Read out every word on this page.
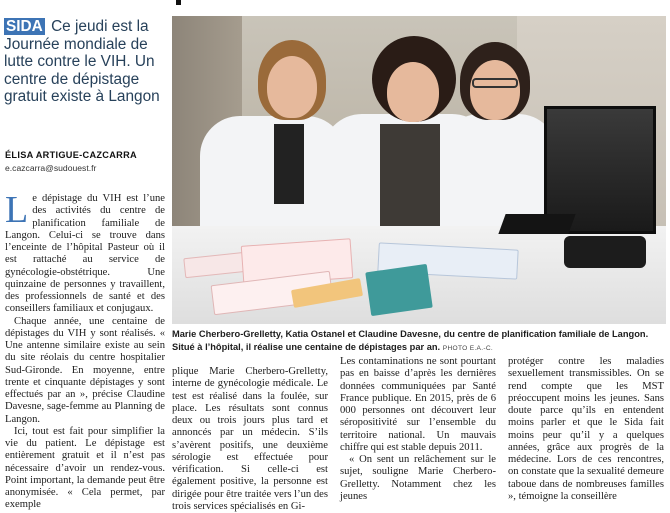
SIDA Ce jeudi est la Journée mondiale de lutte contre le VIH. Un centre de dépistage gratuit existe à Langon
ÉLISA ARTIGUE-CAZCARRA
e.cazcarra@sudouest.fr

Le dépistage du VIH est l’une des activités du centre de planification familiale de Langon. Celui-ci se trouve dans l’enceinte de l’hôpital Pasteur où il est rattaché au service de gynécologie-obstétrique. Une quinzaine de personnes y travaillent, des professionnels de santé et des conseillers familiaux et conjugaux.

Chaque année, une centaine de dépistages du VIH y sont réalisés. « Une antenne similaire existe au sein du site réolais du centre hospitalier Sud-Gironde. En moyenne, entre trente et cinquante dépistages y sont effectués par an », précise Claudine Davesne, sage-femme au Planning de Langon.

Ici, tout est fait pour simplifier la vie du patient. Le dépistage est entièrement gratuit et il n’est pas nécessaire d’avoir un rendez-vous. Point important, la demande peut être anonymisée. « Cela permet, par exemple

Marie Cherbero-Grelletty, Katia Ostanel et Claudine Davesne, du centre de planification familiale de Langon. Situé à l’hôpital, il réalise une centaine de dépistages par an. PHOTO E.A.-C.

plique Marie Cherbero-Grelletty, interne de gynécologie médicale. Le test est réalisé dans la foulée, sur place. Les résultats sont connus deux ou trois jours plus tard et annoncés par un médecin. S’ils s’avèrent positifs, une deuxième sérologie est effectuée pour vérification. Si celle-ci est également positive, la personne est dirigée pour être traitée vers l’un des trois services spécialisés en Gi-

Les contaminations ne sont pourtant pas en baisse d’après les dernières données communiquées par Santé France publique. En 2015, près de 6 000 personnes ont découvert leur séropositivité sur l’ensemble du territoire national. Un mauvais chiffre qui est stable depuis 2011.

« On sent un relâchement sur le sujet, souligne Marie Cherbero-Grelletty. Notamment chez les jeunes

protéger contre les maladies sexuellement transmissibles. On se rend compte que les MST préoccupent moins les jeunes. Sans doute parce qu’ils en entendent moins parler et que le Sida fait moins peur qu’il y a quelques années, grâce aux progrès de la médecine. Lors de ces rencontres, on constate que la sexualité demeure taboue dans de nombreuses familles », témoigne la conseillère
